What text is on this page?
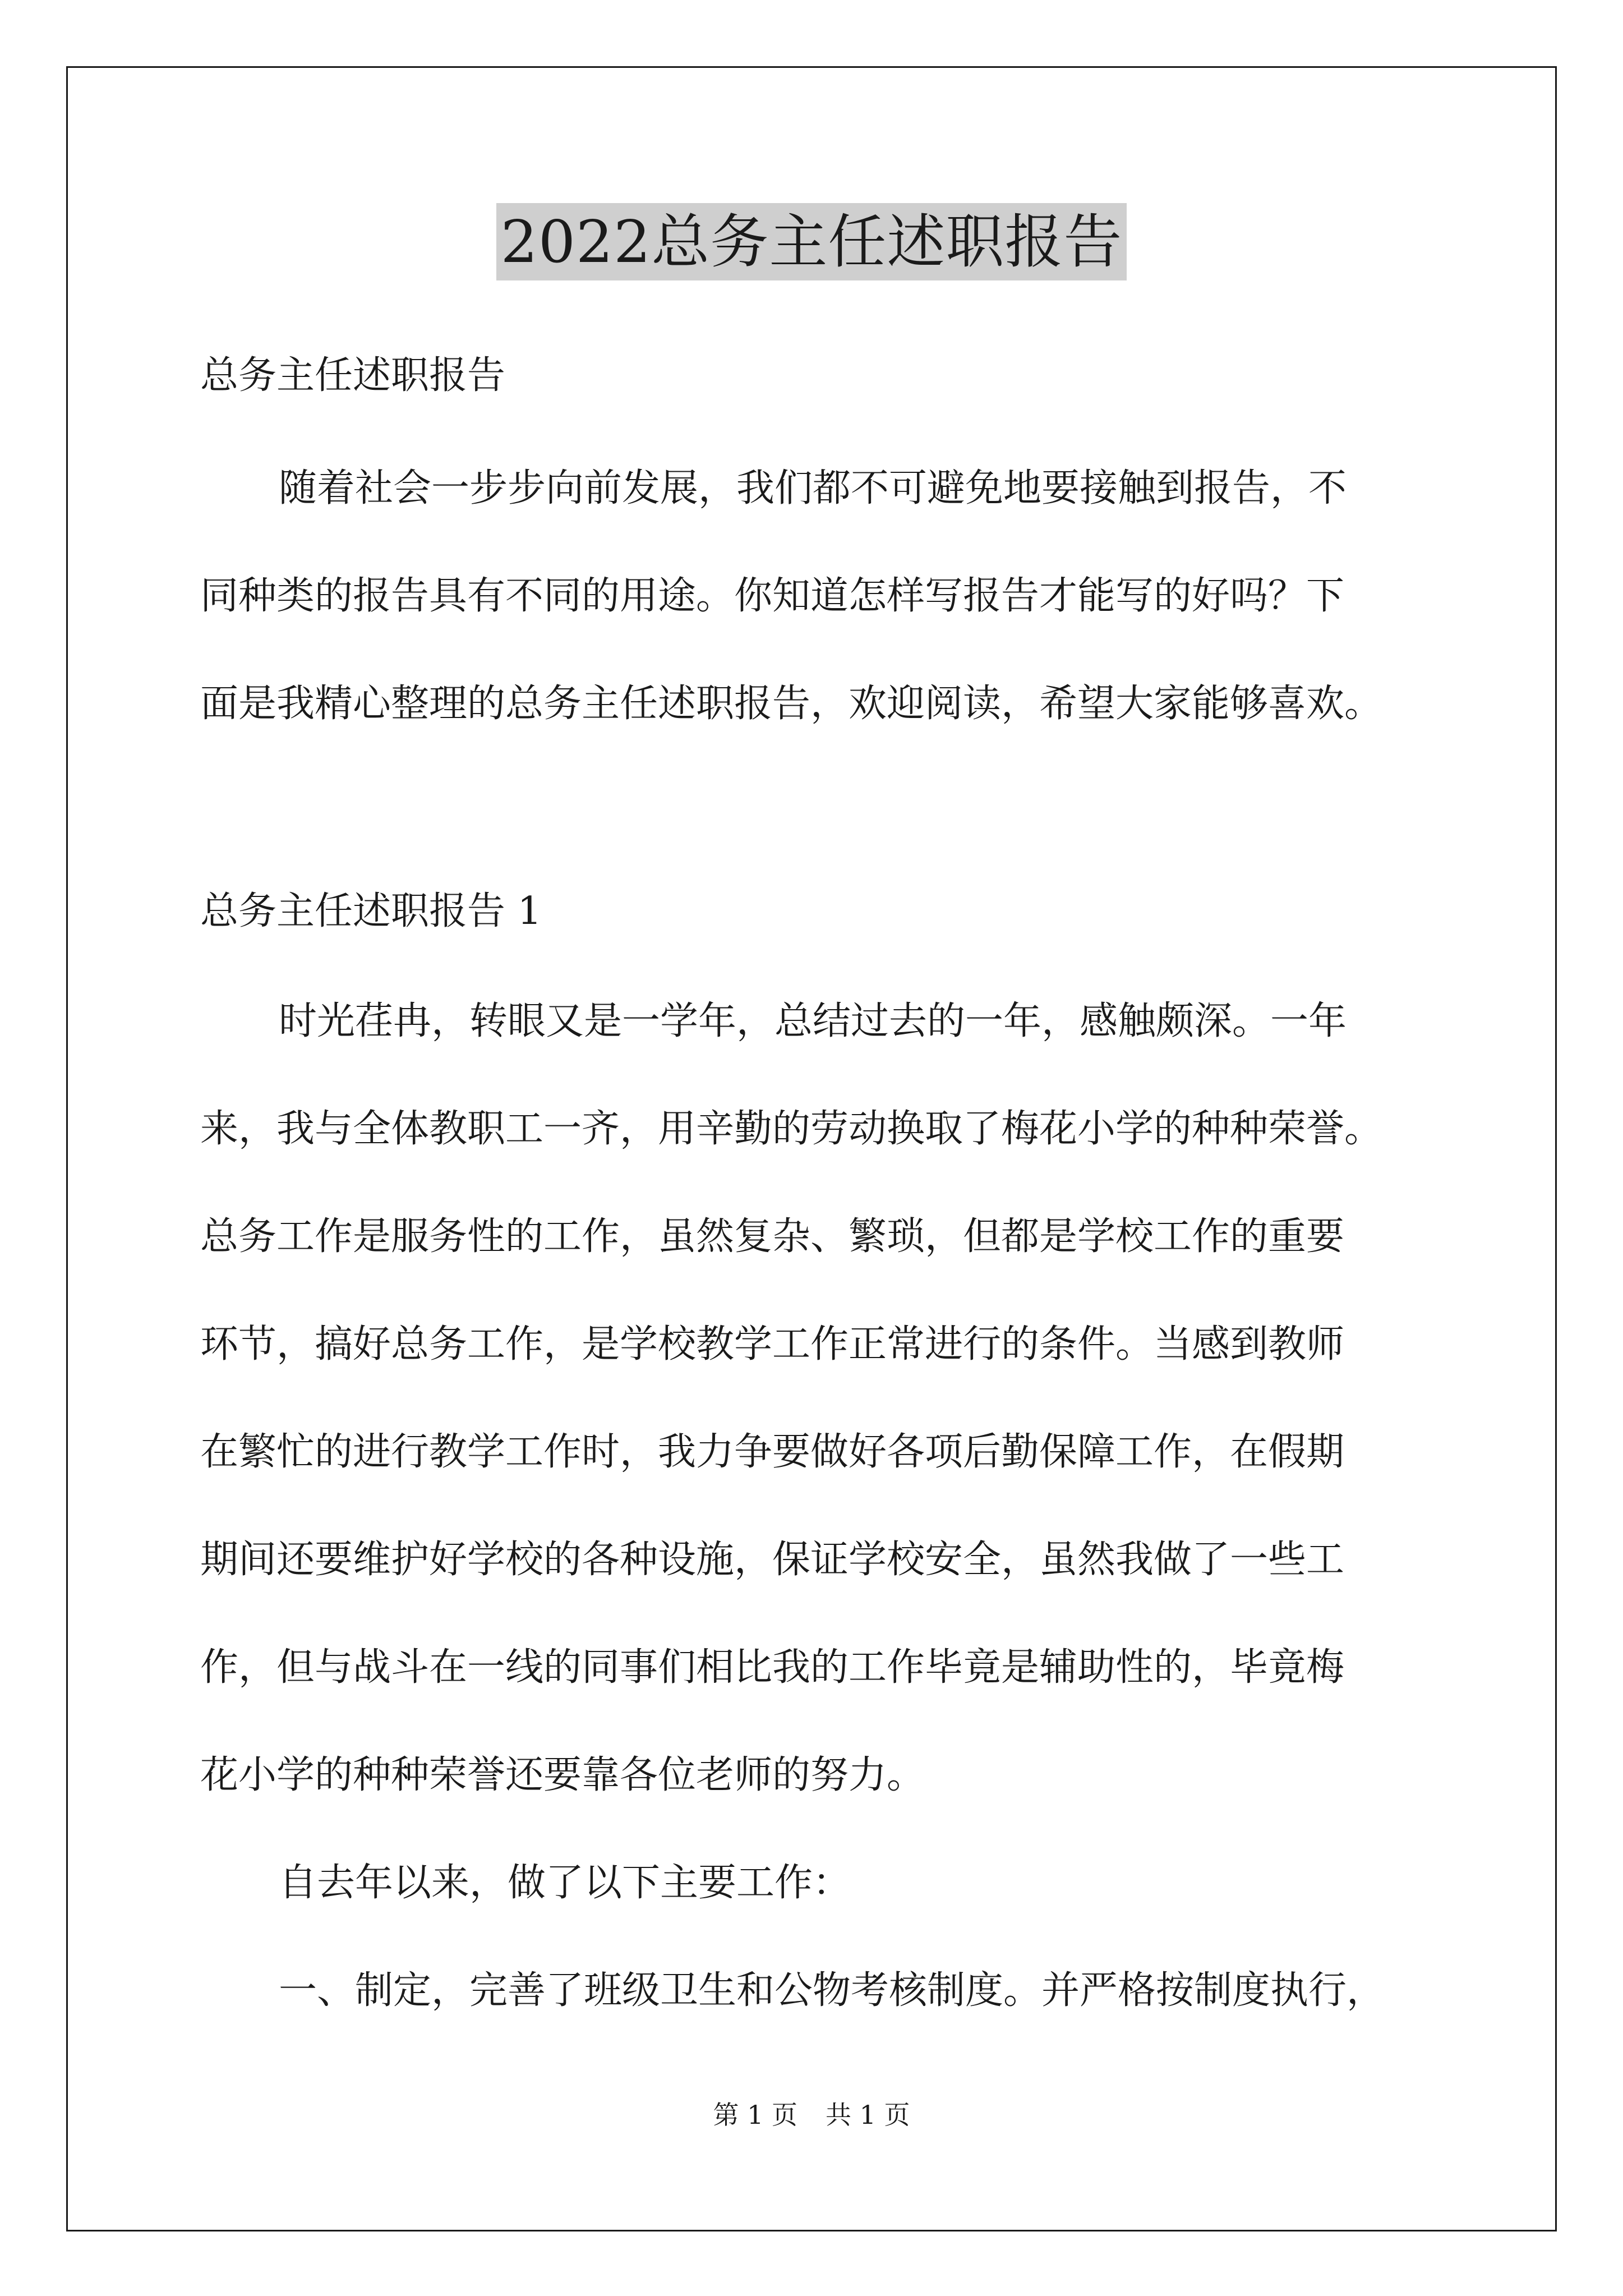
2022总务主任述职报告
总务主任述职报告
随着社会一步步向前发展，我们都不可避免地要接触到报告，不
同种类的报告具有不同的用途。你知道怎样写报告才能写的好吗？下
面是我精心整理的总务主任述职报告，欢迎阅读，希望大家能够喜欢。
总务主任述职报告 1
时光荏冉，转眼又是一学年，总结过去的一年，感触颇深。一年
来，我与全体教职工一齐，用辛勤的劳动换取了梅花小学的种种荣誉。
总务工作是服务性的工作，虽然复杂、繁琐，但都是学校工作的重要
环节，搞好总务工作，是学校教学工作正常进行的条件。当感到教师
在繁忙的进行教学工作时，我力争要做好各项后勤保障工作，在假期
期间还要维护好学校的各种设施，保证学校安全，虽然我做了一些工
作，但与战斗在一线的同事们相比我的工作毕竟是辅助性的，毕竟梅
花小学的种种荣誉还要靠各位老师的努力。
自去年以来，做了以下主要工作：
一、制定，完善了班级卫生和公物考核制度。并严格按制度执行，
第 1 页 共 1 页
